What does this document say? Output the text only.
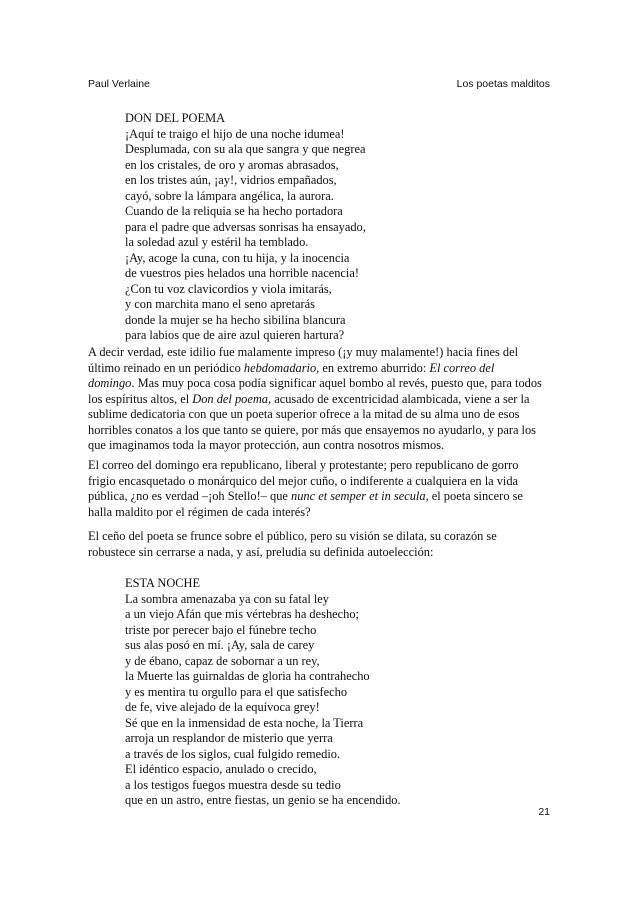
Paul Verlaine	Los poetas malditos
DON DEL POEMA
¡Aquí te traigo el hijo de una noche idumea!
Desplumada, con su ala que sangra y que negrea
en los cristales, de oro y aromas abrasados,
en los tristes aún, ¡ay!, vidrios empañados,
cayó, sobre la lámpara angélica, la aurora.
Cuando de la reliquia se ha hecho portadora
para el padre que adversas sonrisas ha ensayado,
la soledad azul y estéril ha temblado.
¡Ay, acoge la cuna, con tu hija, y la inocencia
de vuestros pies helados una horrible nacencia!
¿Con tu voz clavicordios y viola imitarás,
y con marchita mano el seno apretarás
donde la mujer se ha hecho sibilina blancura
para labios que de aire azul quieren hartura?
A decir verdad, este idilio fue malamente impreso (¡y muy malamente!) hacia fines del
último reinado en un periódico hebdomadario, en extremo aburrido: El correo del
domingo. Mas muy poca cosa podía significar aquel bombo al revés, puesto que, para todos
los espíritus altos, el Don del poema, acusado de excentricidad alambicada, viene a ser la
sublime dedicatoria con que un poeta superior ofrece a la mitad de su alma uno de esos
horribles conatos a los que tanto se quiere, por más que ensayemos no ayudarlo, y para los
que imaginamos toda la mayor protección, aun contra nosotros mismos.
El correo del domingo era republicano, liberal y protestante; pero republicano de gorro
frigio encasquetado o monárquico del mejor cuño, o indiferente a cualquiera en la vida
pública, ¿no es verdad –¡oh Stello!– que nunc et semper et in secula, el poeta sincero se
halla maldito por el régimen de cada interés?
El ceño del poeta se frunce sobre el público, pero su visión se dilata, su corazón se
robustece sin cerrarse a nada, y así, preludia su definida autoelección:
ESTA NOCHE
La sombra amenazaba ya con su fatal ley
a un viejo Afán que mis vértebras ha deshecho;
triste por perecer bajo el fúnebre techo
sus alas posó en mí. ¡Ay, sala de carey
y de ébano, capaz de sobornar a un rey,
la Muerte las guirnaldas de gloria ha contrahecho
y es mentira tu orgullo para el que satisfecho
de fe, vive alejado de la equívoca grey!
Sé que en la inmensidad de esta noche, la Tierra
arroja un resplandor de misterio que yerra
a través de los siglos, cual fulgido remedio.
El idéntico espacio, anulado o crecido,
a los testigos fuegos muestra desde su tedio
que en un astro, entre fiestas, un genio se ha encendido.
21
